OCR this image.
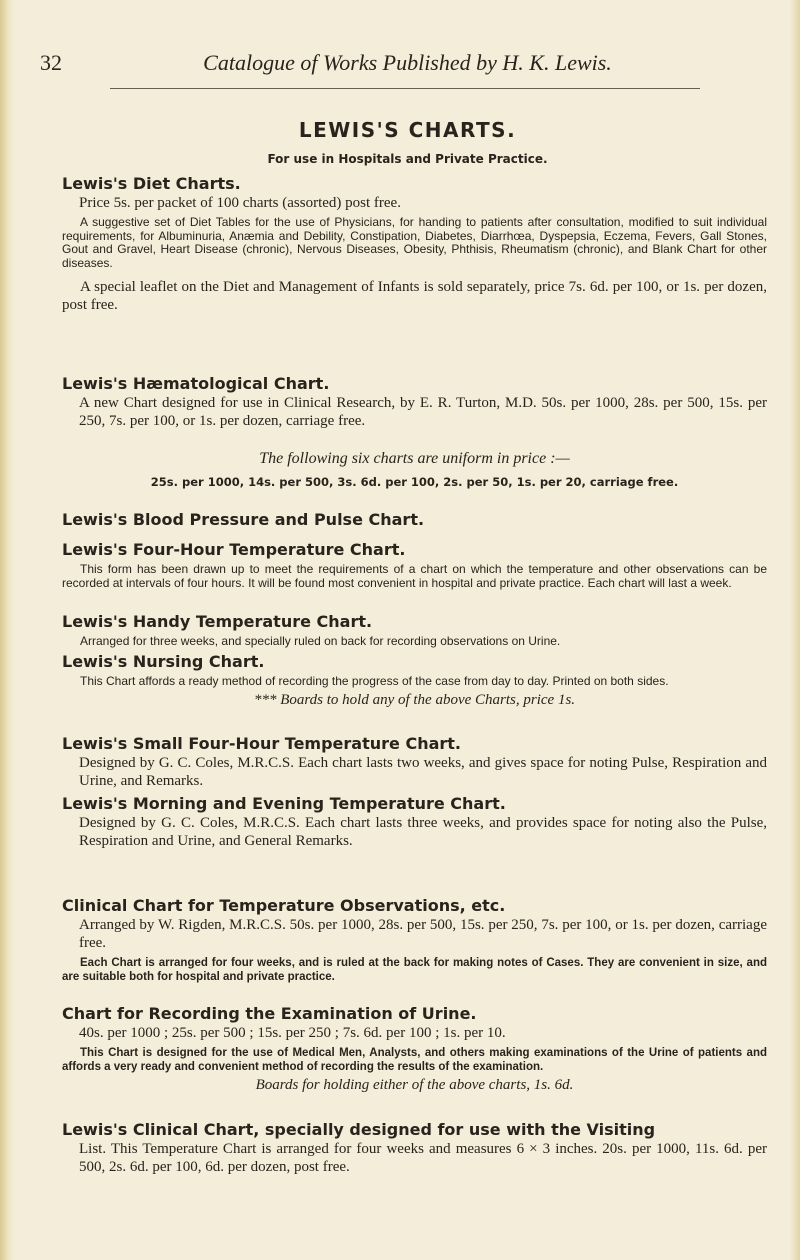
32	Catalogue of Works Published by H. K. Lewis.
LEWIS'S CHARTS.
For use in Hospitals and Private Practice.
Lewis's Diet Charts.

Price 5s. per packet of 100 charts (assorted) post free.

A suggestive set of Diet Tables for the use of Physicians, for handing to patients after consultation, modified to suit individual requirements, for Albuminuria, Anæmia and Debility, Constipation, Diabetes, Diarrhœa, Dyspepsia, Eczema, Fevers, Gall Stones, Gout and Gravel, Heart Disease (chronic), Nervous Diseases, Obesity, Phthisis, Rheumatism (chronic), and Blank Chart for other diseases.

A special leaflet on the Diet and Management of Infants is sold separately, price 7s. 6d. per 100, or 1s. per dozen, post free.

Lewis's Hæmatological Chart.

A new Chart designed for use in Clinical Research, by E. R. Turton, M.D. 50s. per 1000, 28s. per 500, 15s. per 250, 7s. per 100, or 1s. per dozen, carriage free.

The following six charts are uniform in price :—

25s. per 1000, 14s. per 500, 3s. 6d. per 100, 2s. per 50, 1s. per 20, carriage free.

Lewis's Blood Pressure and Pulse Chart.
Lewis's Four-Hour Temperature Chart.

This form has been drawn up to meet the requirements of a chart on which the temperature and other observations can be recorded at intervals of four hours. It will be found most convenient in hospital and private practice. Each chart will last a week.

Lewis's Handy Temperature Chart.

Arranged for three weeks, and specially ruled on back for recording observations on Urine.

Lewis's Nursing Chart.

This Chart affords a ready method of recording the progress of the case from day to day. Printed on both sides.

*** Boards to hold any of the above Charts, price 1s.

Lewis's Small Four-Hour Temperature Chart.

Designed by G. C. Coles, M.R.C.S. Each chart lasts two weeks, and gives space for noting Pulse, Respiration and Urine, and Remarks.

Lewis's Morning and Evening Temperature Chart.

Designed by G. C. Coles, M.R.C.S. Each chart lasts three weeks, and provides space for noting also the Pulse, Respiration and Urine, and General Remarks.

Clinical Chart for Temperature Observations, etc.

Arranged by W. Rigden, M.R.C.S. 50s. per 1000, 28s. per 500, 15s. per 250, 7s. per 100, or 1s. per dozen, carriage free.

Each Chart is arranged for four weeks, and is ruled at the back for making notes of Cases. They are convenient in size, and are suitable both for hospital and private practice.

Chart for Recording the Examination of Urine.

40s. per 1000 ; 25s. per 500 ; 15s. per 250 ; 7s. 6d. per 100 ; 1s. per 10.

This Chart is designed for the use of Medical Men, Analysts, and others making examinations of the Urine of patients and affords a very ready and convenient method of recording the results of the examination.

Boards for holding either of the above charts, 1s. 6d.

Lewis's Clinical Chart, specially designed for use with the Visiting

List. This Temperature Chart is arranged for four weeks and measures 6 × 3 inches. 20s. per 1000, 11s. 6d. per 500, 2s. 6d. per 100, 6d. per dozen, post free.
